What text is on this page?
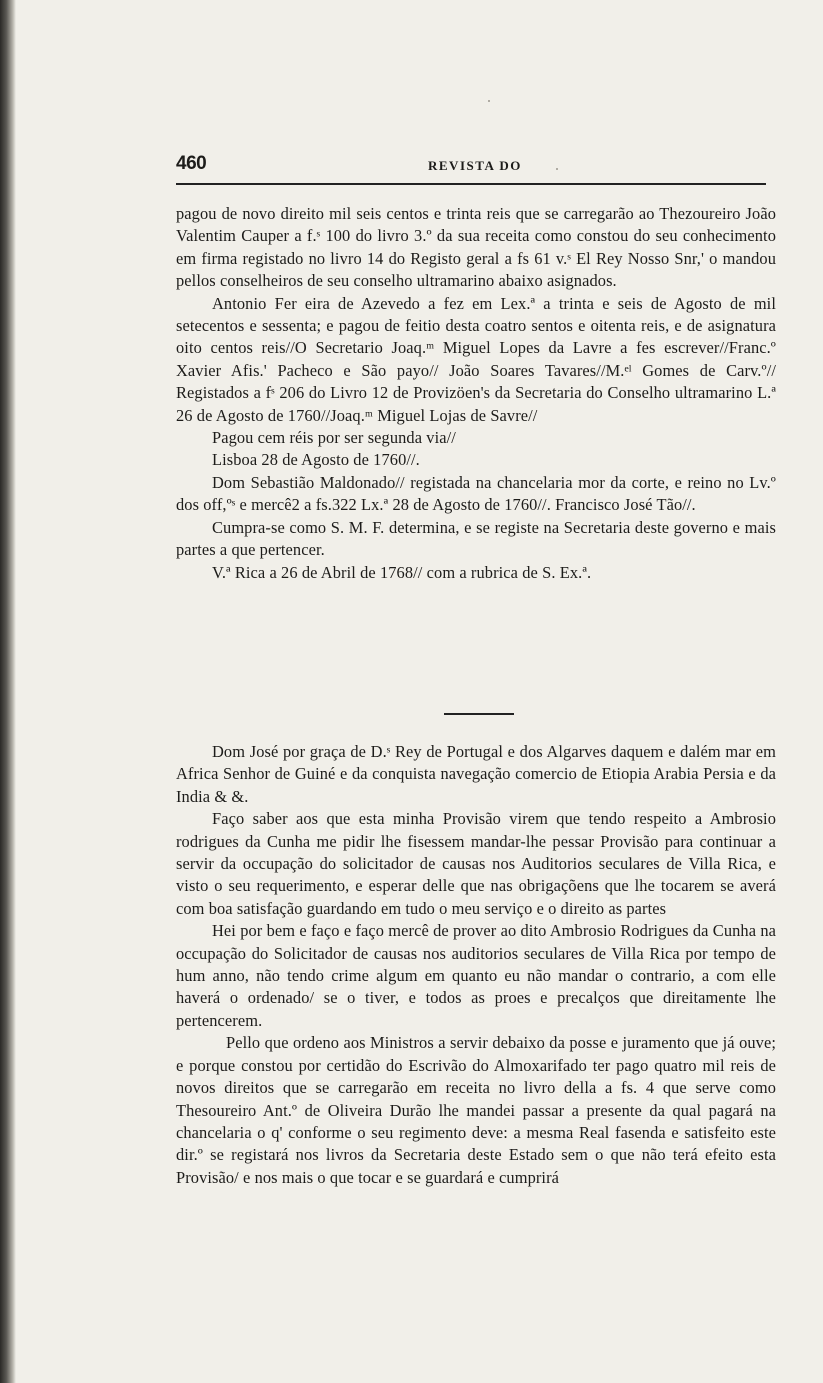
460	REVISTA DO

pagou de novo direito mil seis centos e trinta reis que se carregarão ao Thezoureiro João Valentim Cauper a f.ˢ 100 do livro 3.º da sua receita como constou do seu conhecimento em firma registado no livro 14 do Registo geral a fs 61 v.ˢ El Rey Nosso Snr,' o mandou pellos conselheiros de seu conselho ultramarino abaixo asignados.

Antonio Fer eira de Azevedo a fez em Lex.ª a trinta e seis de Agosto de mil setecentos e sessenta; e pagou de feitio desta coatro sentos e oitenta reis, e de asignatura oito centos reis//O Secretario Joaq.ᵐ Miguel Lopes da Lavre a fes escrever//Franc.º Xavier Afis.' Pacheco e São payo// João Soares Tavares//M.ᵉˡ Gomes de Carv.º// Registados a fˢ 206 do Livro 12 de Provizöen's da Secretaria do Conselho ultramarino L.ª 26 de Agosto de 1760//Joaq.ᵐ Miguel Lojas de Savre//

Pagou cem réis por ser segunda via//

Lisboa 28 de Agosto de 1760//.

Dom Sebastião Maldonado// registada na chancelaria mor da corte, e reino no Lv.º dos off,ºˢ e mercê2 a fs.322 Lx.ª 28 de Agosto de 1760//. Francisco José Tão//.

Cumpra-se como S. M. F. determina, e se registe na Secretaria deste governo e mais partes a que pertencer.

V.ª Rica a 26 de Abril de 1768// com a rubrica de S. Ex.ª.

Dom José por graça de D.ˢ Rey de Portugal e dos Algarves daquem e dalém mar em Africa Senhor de Guiné e da conquista navegação comercio de Etiopia Arabia Persia e da India & &.

Faço saber aos que esta minha Provisão virem que tendo respeito a Ambrosio rodrigues da Cunha me pidir lhe fisessem mandar-lhe pessar Provisão para continuar a servir da occupação do solicitador de causas nos Auditorios seculares de Villa Rica, e visto o seu requerimento, e esperar delle que nas obrigaçõens que lhe tocarem se averá com boa satisfação guardando em tudo o meu serviço e o direito as partes

Hei por bem e faço e faço mercê de prover ao dito Ambrosio Rodrigues da Cunha na occupação do Solicitador de causas nos auditorios seculares de Villa Rica por tempo de hum anno, não tendo crime algum em quanto eu não mandar o contrario, a com elle haverá o ordenado/ se o tiver, e todos as proes e precalços que direitamente lhe pertencerem.

Pello que ordeno aos Ministros a servir debaixo da posse e juramento que já ouve; e porque constou por certidão do Escrivão do Almoxarifado ter pago quatro mil reis de novos direitos que se carregarão em receita no livro della a fs. 4 que serve como Thesoureiro Ant.º de Oliveira Durão lhe mandei passar a presente da qual pagará na chancelaria o q' conforme o seu regimento deve: a mesma Real fasenda e satisfeito este dir.º se registará nos livros da Secretaria deste Estado sem o que não terá efeito esta Provisão/ e nos mais o que tocar e se guardará e cumprirá
